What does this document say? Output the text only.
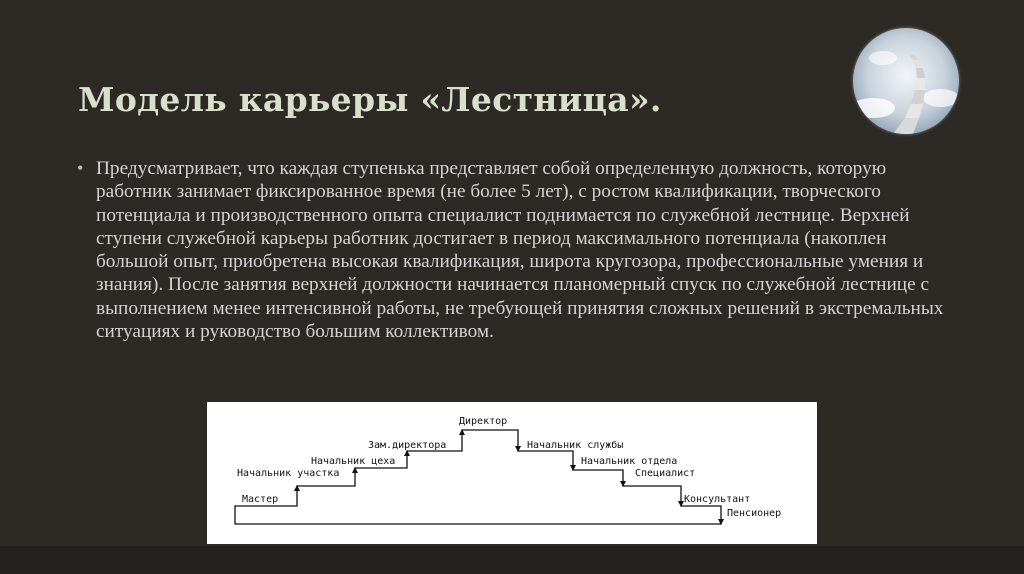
Модель карьеры «Лестница».
• Предусматривает, что каждая ступенька представляет собой определенную должность, которую работник занимает фиксированное время (не более 5 лет), с ростом квалификации, творческого потенциала и производственного опыта специалист поднимается по служебной лестнице. Верхней ступени служебной карьеры работник достигает в период максимального потенциала (накоплен большой опыт, приобретена высокая квалификация, широта кругозора, профессиональные умения и знания). После занятия верхней должности начинается планомерный спуск по служебной лестнице с выполнением менее интенсивной работы, не требующей принятия сложных решений в экстремальных ситуациях и руководство большим коллективом.

Мастер
Начальник участка
Начальник цеха
Зам.директора
Директор
Начальник службы
Начальник отдела
Специалист
Консультант
Пенсионер
